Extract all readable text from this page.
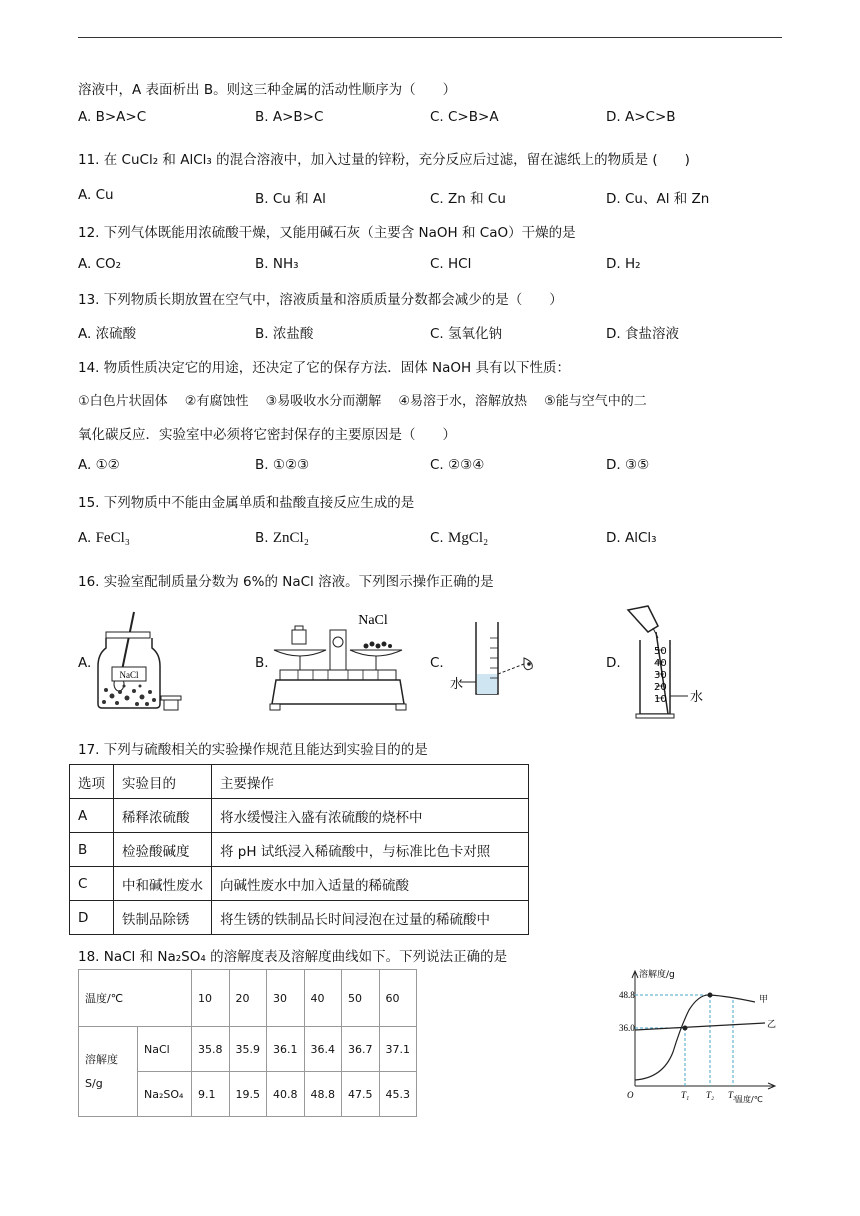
溶液中，A 表面析出 B。则这三种金属的活动性顺序为（　　）
A. B>A>C	B. A>B>C	C. C>B>A	D. A>C>B
11. 在 CuCl₂ 和 AlCl₃ 的混合溶液中，加入过量的锌粉，充分反应后过滤，留在滤纸上的物质是 (　　)
A. Cu	B. Cu 和 Al	C. Zn 和 Cu	D. Cu、Al 和 Zn
12. 下列气体既能用浓硫酸干燥，又能用碱石灰（主要含 NaOH 和 CaO）干燥的是
A. CO₂	B. NH₃	C. HCl	D. H₂
13. 下列物质长期放置在空气中，溶液质量和溶质质量分数都会减少的是（　　）
A. 浓硫酸	B. 浓盐酸	C. 氢氧化钠	D. 食盐溶液
14. 物质性质决定它的用途，还决定了它的保存方法．固体 NaOH 具有以下性质：
①白色片状固体　 ②有腐蚀性　 ③易吸收水分而潮解　 ④易溶于水，溶解放热　 ⑤能与空气中的二
氧化碳反应．实验室中必须将它密封保存的主要原因是（　　）
A. ①②	B. ①②③	C. ②③④	D. ③⑤
15. 下列物质中不能由金属单质和盐酸直接反应生成的是
A. FeCl₃	B. ZnCl₂	C. MgCl₂	D. AlCl₃
16. 实验室配制质量分数为 6%的 NaCl 溶液。下列图示操作正确的是
A.
NaCl
B.
NaCl
C.
水
D.
50
40
30
20
10 水
17. 下列与硫酸相关的实验操作规范且能达到实验目的的是
选项	实验目的	主要操作
A	稀释浓硫酸	将水缓慢注入盛有浓硫酸的烧杯中
B	检验酸碱度	将 pH 试纸浸入稀硫酸中，与标准比色卡对照
C	中和碱性废水	向碱性废水中加入适量的稀硫酸
D	铁制品除锈	将生锈的铁制品长时间浸泡在过量的稀硫酸中
18. NaCl 和 Na₂SO₄ 的溶解度表及溶解度曲线如下。下列说法正确的是
温度/℃		10	20	30	40	50	60

溶解度
S/g	NaCl	35.8	35.9	36.1	36.4	36.7	37.1
	Na₂SO₄	9.1	19.5	40.8	48.8	47.5	45.3
溶解度/g
温度/℃
48.8
36.0
O
甲
乙
T₁ T₂ T₃
